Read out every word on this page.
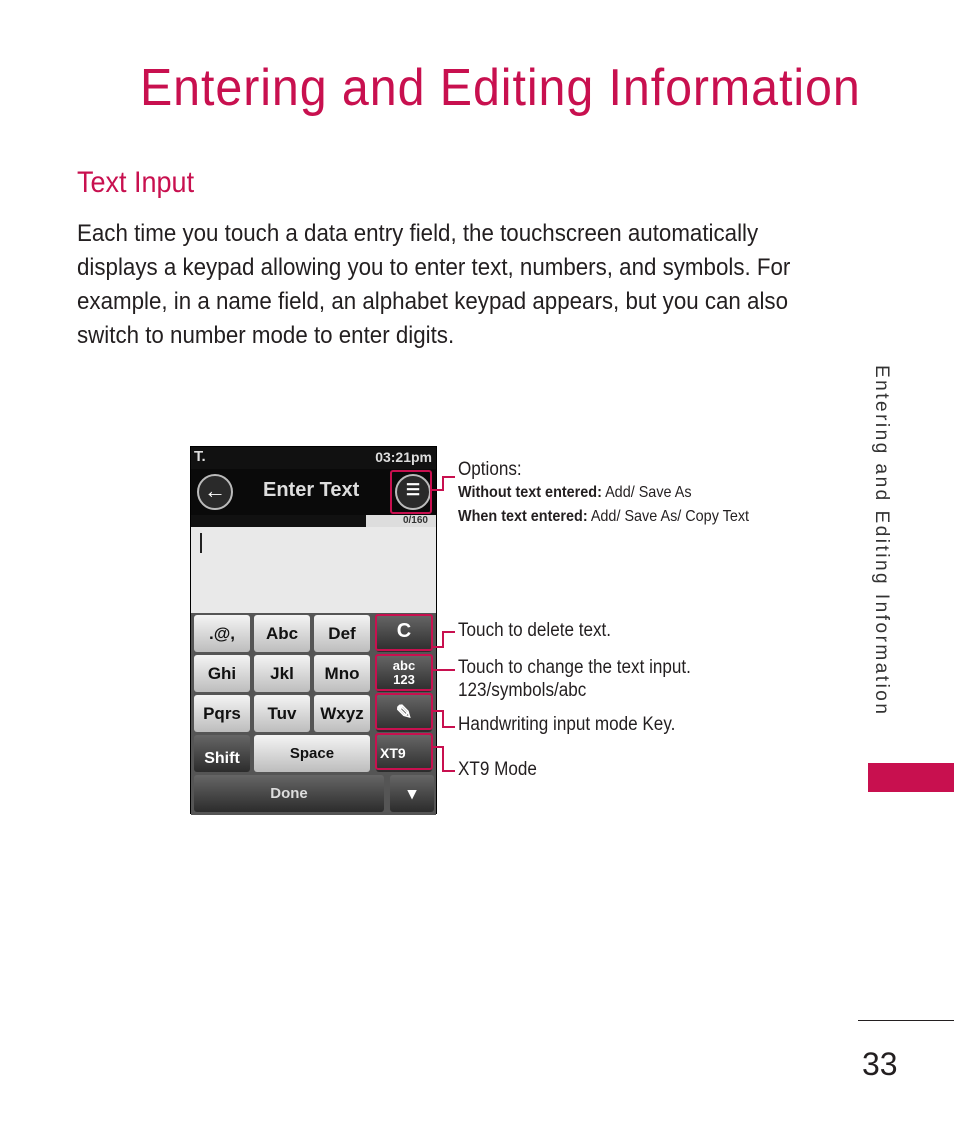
Entering and Editing Information
Text Input
Each time you touch a data entry field, the touchscreen automatically
displays a keypad allowing you to enter text, numbers, and symbols. For
example, in a name field, an alphabet keypad appears, but you can also
switch to number mode to enter digits.
Entering and Editing Information
33
T.	03:21pm
←	Enter Text	☰
0/160
.@,	Abc	Def	C
Ghi	Jkl	Mno	abc
123
Pqrs	Tuv	Wxyz	✎
Shift	Space	XT9
Done	▾
Options:
Without text entered: Add/ Save As
When text entered: Add/ Save As/ Copy Text
Touch to delete text.
Touch to change the text input.
123/symbols/abc
Handwriting input mode Key.
XT9 Mode
